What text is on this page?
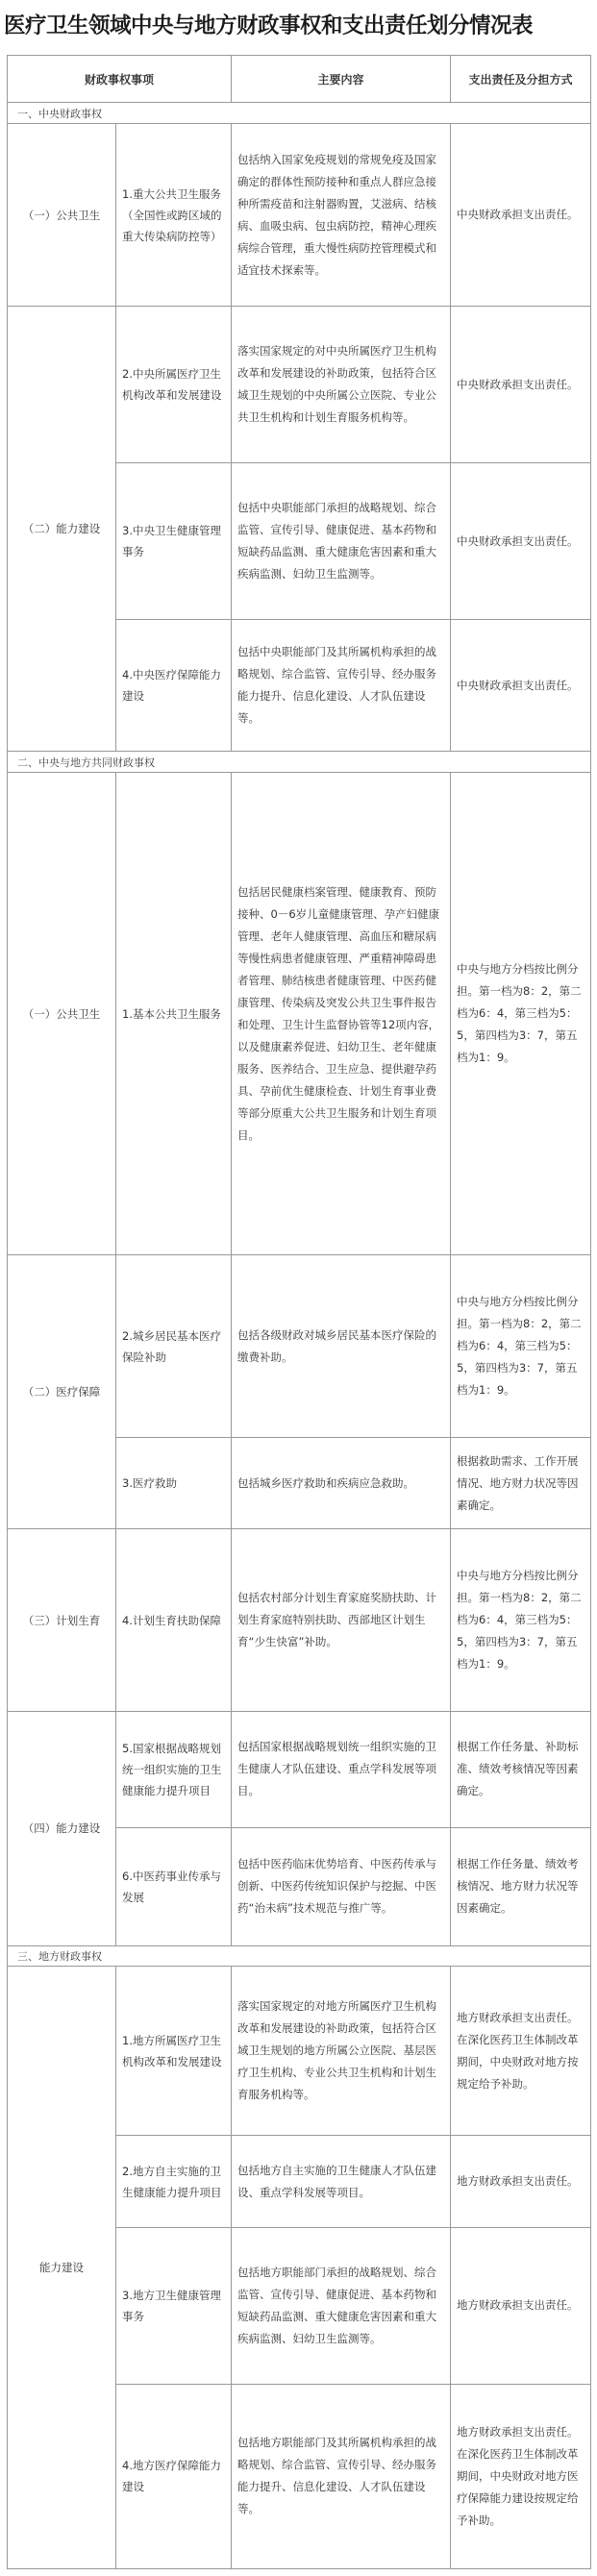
医疗卫生领域中央与地方财政事权和支出责任划分情况表
财政事权事项		主要内容	支出责任及分担方式
一、中央财政事权			
（一）公共卫生	1.重大公共卫生服务（全国性或跨区域的重大传染病防控等）	包括纳入国家免疫规划的常规免疫及国家确定的群体性预防接种和重点人群应急接种所需疫苗和注射器购置，艾滋病、结核病、血吸虫病、包虫病防控，精神心理疾病综合管理，重大慢性病防控管理模式和适宜技术探索等。	中央财政承担支出责任。
（二）能力建设	2.中央所属医疗卫生机构改革和发展建设	落实国家规定的对中央所属医疗卫生机构改革和发展建设的补助政策，包括符合区域卫生规划的中央所属公立医院、专业公共卫生机构和计划生育服务机构等。	中央财政承担支出责任。
	3.中央卫生健康管理事务	包括中央职能部门承担的战略规划、综合监管、宣传引导、健康促进、基本药物和短缺药品监测、重大健康危害因素和重大疾病监测、妇幼卫生监测等。	中央财政承担支出责任。
	4.中央医疗保障能力建设	包括中央职能部门及其所属机构承担的战略规划、综合监管、宣传引导、经办服务能力提升、信息化建设、人才队伍建设等。	中央财政承担支出责任。
二、中央与地方共同财政事权			
（一）公共卫生	1.基本公共卫生服务	包括居民健康档案管理、健康教育、预防接种、0－6岁儿童健康管理、孕产妇健康管理、老年人健康管理、高血压和糖尿病等慢性病患者健康管理、严重精神障碍患者管理、肺结核患者健康管理、中医药健康管理、传染病及突发公共卫生事件报告和处理、卫生计生监督协管等12项内容，以及健康素养促进、妇幼卫生、老年健康服务、医养结合、卫生应急、提供避孕药具、孕前优生健康检查、计划生育事业费等部分原重大公共卫生服务和计划生育项目。	中央与地方分档按比例分担。第一档为8：2，第二档为6：4，第三档为5：5，第四档为3：7，第五档为1：9。
（二）医疗保障	2.城乡居民基本医疗保险补助	包括各级财政对城乡居民基本医疗保险的缴费补助。	中央与地方分档按比例分担。第一档为8：2，第二档为6：4，第三档为5：5，第四档为3：7，第五档为1：9。
	3.医疗救助	包括城乡医疗救助和疾病应急救助。	根据救助需求、工作开展情况、地方财力状况等因素确定。
（三）计划生育	4.计划生育扶助保障	包括农村部分计划生育家庭奖励扶助、计划生育家庭特别扶助、西部地区计划生育“少生快富”补助。	中央与地方分档按比例分担。第一档为8：2，第二档为6：4，第三档为5：5，第四档为3：7，第五档为1：9。
（四）能力建设	5.国家根据战略规划统一组织实施的卫生健康能力提升项目	包括国家根据战略规划统一组织实施的卫生健康人才队伍建设、重点学科发展等项目。	根据工作任务量、补助标准、绩效考核情况等因素确定。
	6.中医药事业传承与发展	包括中医药临床优势培育、中医药传承与创新、中医药传统知识保护与挖掘、中医药“治未病”技术规范与推广等。	根据工作任务量、绩效考核情况、地方财力状况等因素确定。
三、地方财政事权			
能力建设	1.地方所属医疗卫生机构改革和发展建设	落实国家规定的对地方所属医疗卫生机构改革和发展建设的补助政策，包括符合区域卫生规划的地方所属公立医院、基层医疗卫生机构、专业公共卫生机构和计划生育服务机构等。	地方财政承担支出责任。在深化医药卫生体制改革期间，中央财政对地方按规定给予补助。
	2.地方自主实施的卫生健康能力提升项目	包括地方自主实施的卫生健康人才队伍建设、重点学科发展等项目。	地方财政承担支出责任。
	3.地方卫生健康管理事务	包括地方职能部门承担的战略规划、综合监管、宣传引导、健康促进、基本药物和短缺药品监测、重大健康危害因素和重大疾病监测、妇幼卫生监测等。	地方财政承担支出责任。
	4.地方医疗保障能力建设	包括地方职能部门及其所属机构承担的战略规划、综合监管、宣传引导、经办服务能力提升、信息化建设、人才队伍建设等。	地方财政承担支出责任。在深化医药卫生体制改革期间，中央财政对地方医疗保障能力建设按规定给予补助。
